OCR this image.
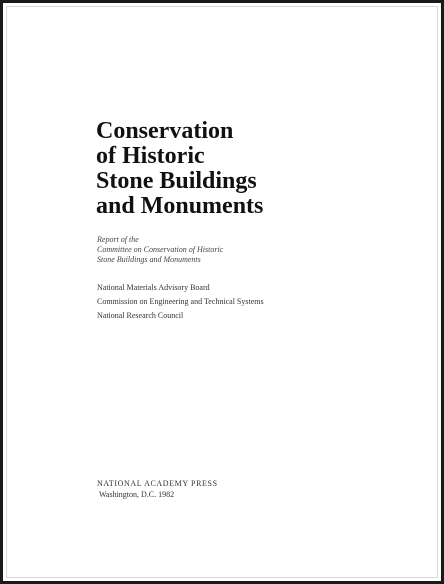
Conservation
of Historic
Stone Buildings
and Monuments
Report of the
Committee on Conservation of Historic
Stone Buildings and Monuments
National Materials Advisory Board
Commission on Engineering and Technical Systems
National Research Council
NATIONAL ACADEMY PRESS
Washington, D.C. 1982
